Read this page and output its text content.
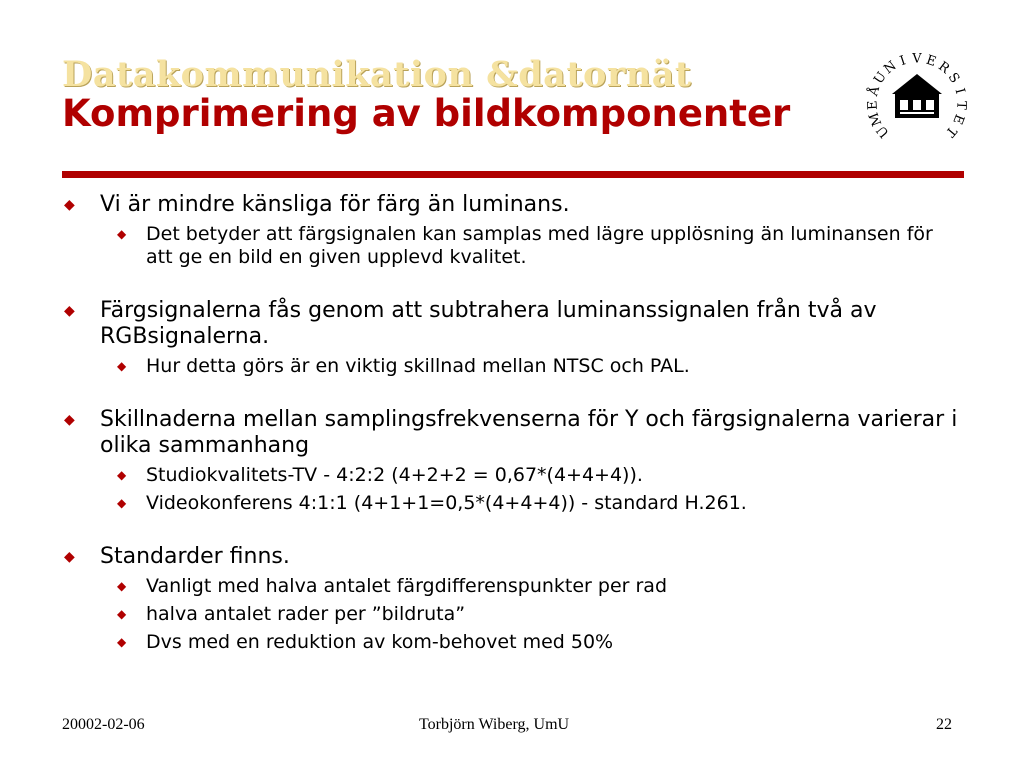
Datakommunikation &datornät
Komprimering av bildkomponenter	U
M
E
Å
U
N
I V E
R
S
I
T
E
T
◆	Vi är mindre känsliga för färg än luminans.
◆	Det betyder att färgsignalen kan samplas med lägre upplösning än luminansen för att ge en bild en given upplevd kvalitet.
◆	Färgsignalerna fås genom att subtrahera luminanssignalen från två av RGBsignalerna.
◆	Hur detta görs är en viktig skillnad mellan NTSC och PAL.
◆	Skillnaderna mellan samplingsfrekvenserna för Y och färgsignalerna varierar i olika sammanhang
◆	Studiokvalitets-TV - 4:2:2 (4+2+2 = 0,67*(4+4+4)).
◆	Videokonferens 4:1:1 (4+1+1=0,5*(4+4+4)) - standard H.261.
◆	Standarder finns.
◆	Vanligt med halva antalet färgdifferenspunkter per rad
◆	halva antalet rader per ”bildruta”
◆	Dvs med en reduktion av kom-behovet med 50%
20002-02-06	Torbjörn Wiberg, UmU	22
